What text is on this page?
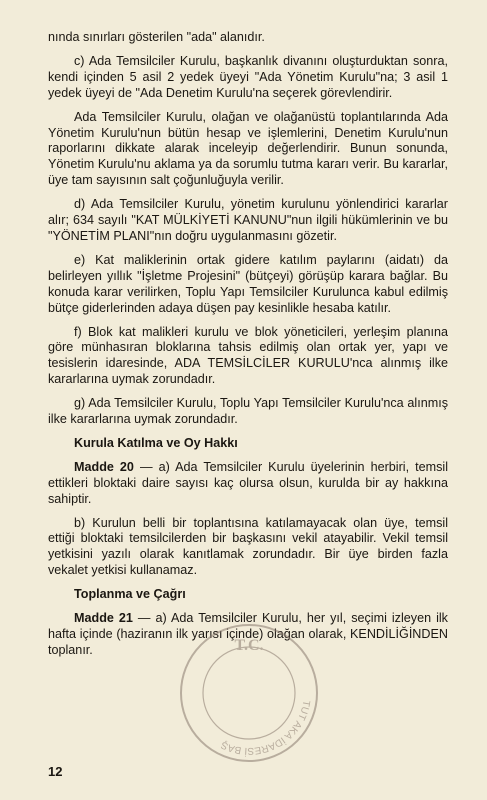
nında sınırları gösterilen "ada" alanıdır.

c) Ada Temsilciler Kurulu, başkanlık divanını oluşturduktan sonra, kendi içinden 5 asil 2 yedek üyeyi "Ada Yönetim Kurulu"na; 3 asil 1 yedek üyeyi de "Ada Denetim Kurulu'na seçerek görevlendirir.

Ada Temsilciler Kurulu, olağan ve olağanüstü toplantılarında Ada Yönetim Kurulu'nun bütün hesap ve işlemlerini, Denetim Kurulu'nun raporlarını dikkate alarak inceleyip değerlendirir. Bunun sonunda, Yönetim Kurulu'nu aklama ya da sorumlu tutma kararı verir. Bu kararlar, üye tam sayısının salt çoğunluğuyla verilir.

d) Ada Temsilciler Kurulu, yönetim kurulunu yönlendirici kararlar alır; 634 sayılı "KAT MÜLKİYETİ KANUNU"nun ilgili hükümlerinin ve bu "YÖNETİM PLANI"nın doğru uygulanmasını gözetir.

e) Kat maliklerinin ortak gidere katılım paylarını (aidatı) da belirleyen yıllık "İşletme Projesini" (bütçeyi) görüşüp karara bağlar. Bu konuda karar verilirken, Toplu Yapı Temsilciler Kurulunca kabul edilmiş bütçe giderlerinden adaya düşen pay kesinlikle hesaba katılır.

f) Blok kat malikleri kurulu ve blok yöneticileri, yerleşim planına göre münhasıran bloklarına tahsis edilmiş olan ortak yer, yapı ve tesislerin idaresinde, ADA TEMSİLCİLER KURULU'nca alınmış ilke kararlarına uymak zorundadır.

g) Ada Temsilciler Kurulu, Toplu Yapı Temsilciler Kurulu'nca alınmış ilke kararlarına uymak zorundadır.

Kurula Katılma ve Oy Hakkı

Madde 20 — a) Ada Temsilciler Kurulu üyelerinin herbiri, temsil ettikleri bloktaki daire sayısı kaç olursa olsun, kurulda bir ay hakkına sahiptir.

b) Kurulun belli bir toplantısına katılamayacak olan üye, temsil ettiği bloktaki temsilcilerden bir başkasını vekil atayabilir. Vekil temsil yetkisini yazılı olarak kanıtlamak zorundadır. Bir üye birden fazla vekalet yetkisi kullanamaz.

Toplanma ve Çağrı

Madde 21 — a) Ada Temsilciler Kurulu, her yıl, seçimi izleyen ilk hafta içinde (haziranın ilk yarısı içinde) olağan olarak, KENDİLİĞİNDEN toplanır.

12
T.C.
TUT AKA İDARESİ BAŞ
